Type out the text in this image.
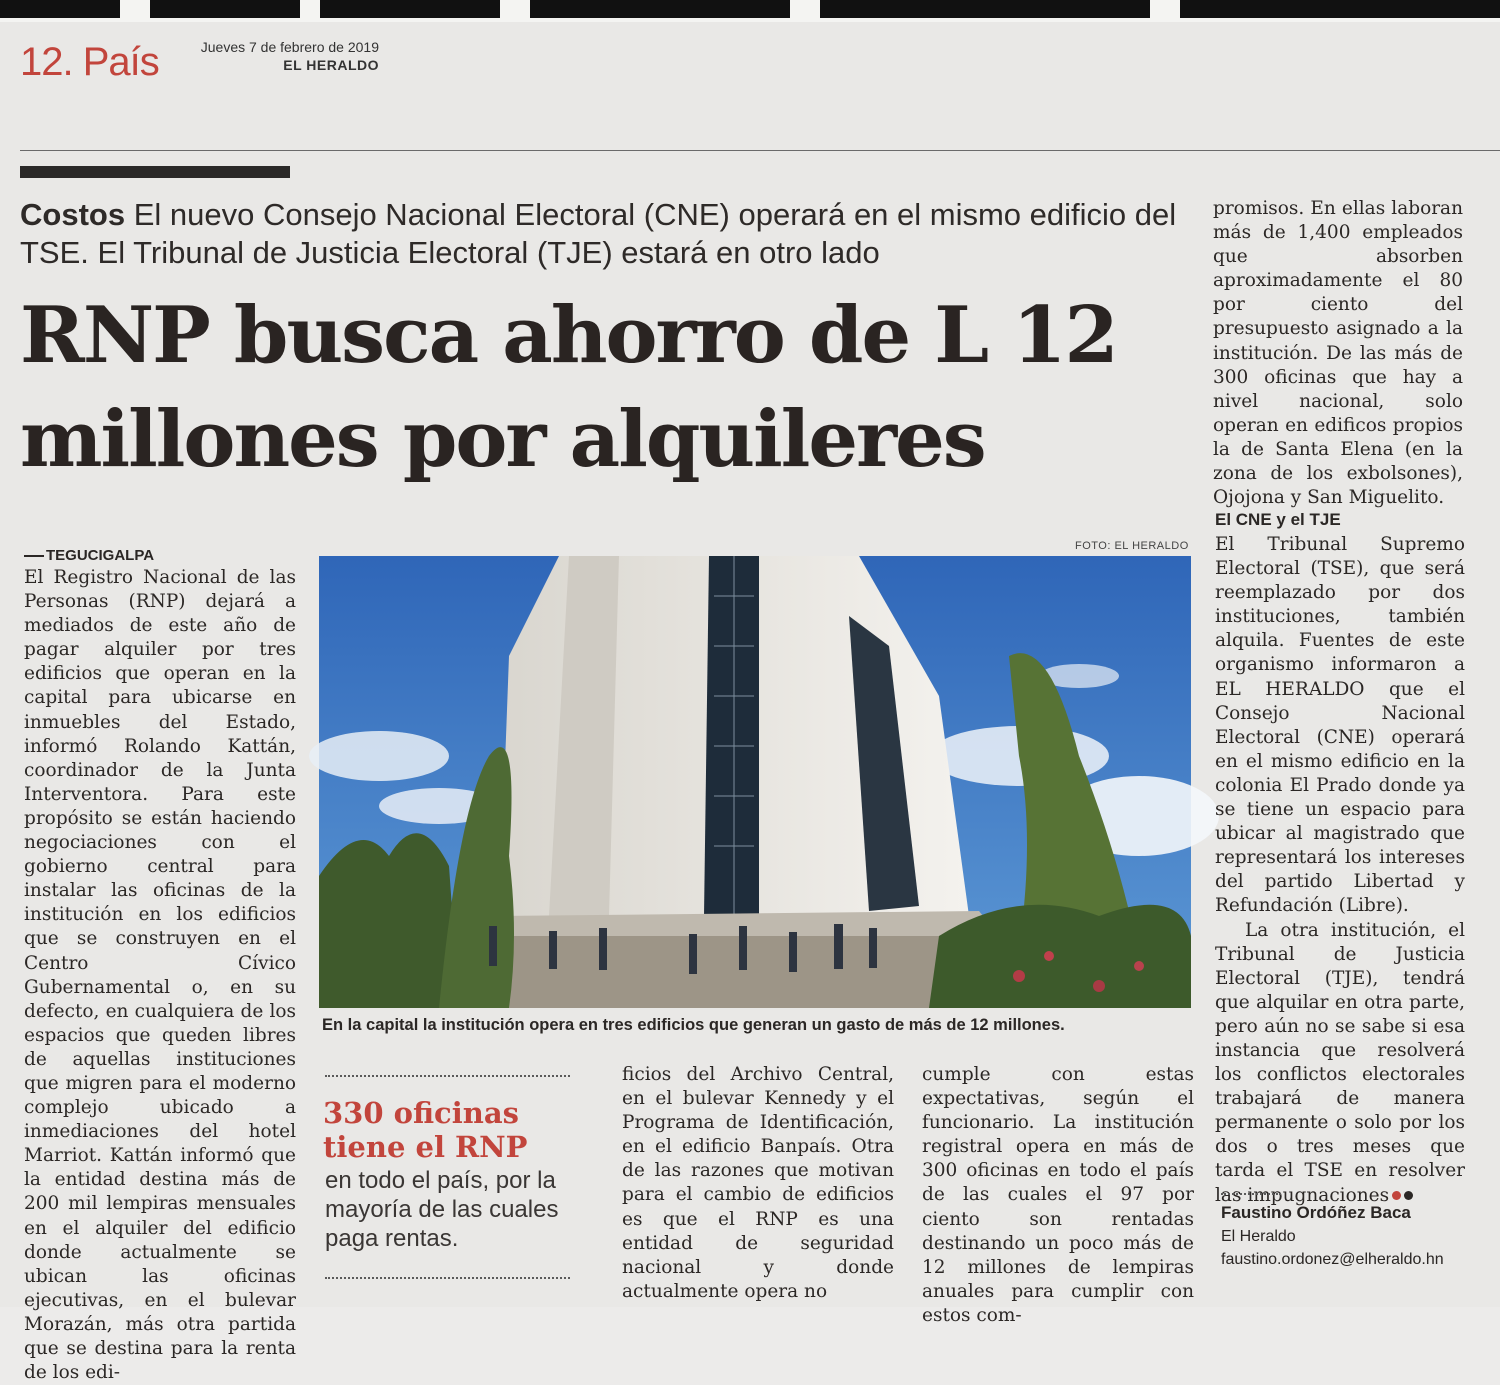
12. País	Jueves 7 de febrero de 2019
EL HERALDO
Costos El nuevo Consejo Nacional Electoral (CNE) operará en el mismo edificio del TSE. El Tribunal de Justicia Electoral (TJE) estará en otro lado
RNP busca ahorro de L 12 millones por alquileres
TEGUCIGALPA

El Registro Nacional de las Personas (RNP) dejará a mediados de este año de pagar alquiler por tres edificios que operan en la capital para ubicarse en inmuebles del Estado, informó Rolando Kattán, coordinador de la Junta Interventora. Para este propósito se están haciendo negociaciones con el gobierno central para instalar las oficinas de la institución en los edificios que se construyen en el Centro Cívico Gubernamental o, en su defecto, en cualquiera de los espacios que queden libres de aquellas instituciones que migren para el moderno complejo ubicado a inmediaciones del hotel Marriot. Kattán informó que la entidad destina más de 200 mil lempiras mensuales en el alquiler del edificio donde actualmente se ubican las oficinas ejecutivas, en el bulevar Morazán, más otra partida que se destina para la renta de los edi-

FOTO: EL HERALDO
En la capital la institución opera en tres edificios que generan un gasto de más de 12 millones.
330 oficinas tiene el RNP
en todo el país, por la mayoría de las cuales paga rentas.

ficios del Archivo Central, en el bulevar Kennedy y el Programa de Identificación, en el edificio Banpaís. Otra de las razones que motivan para el cambio de edificios es que el RNP es una entidad de seguridad nacional y donde actualmente opera no

cumple con estas expectativas, según el funcionario. La institución registral opera en más de 300 oficinas en todo el país de las cuales el 97 por ciento son rentadas destinando un poco más de 12 millones de lempiras anuales para cumplir con estos com-

promisos. En ellas laboran más de 1,400 empleados que absorben aproximadamente el 80 por ciento del presupuesto asignado a la institución. De las más de 300 oficinas que hay a nivel nacional, solo operan en edificos propios la de Santa Elena (en la zona de los exbolsones), Ojojona y San Miguelito.

El CNE y el TJE

El Tribunal Supremo Electoral (TSE), que será reemplazado por dos instituciones, también alquila. Fuentes de este organismo informaron a EL HERALDO que el Consejo Nacional Electoral (CNE) operará en el mismo edificio en la colonia El Prado donde ya se tiene un espacio para ubicar al magistrado que representará los intereses del partido Libertad y Refundación (Libre).

La otra institución, el Tribunal de Justicia Electoral (TJE), tendrá que alquilar en otra parte, pero aún no se sabe si esa instancia que resolverá los conflictos electorales trabajará de manera permanente o solo por los dos o tres meses que tarda el TSE en resolver las impugnaciones

Faustino Ordóñez Baca
El Heraldo
faustino.ordonez@elheraldo.hn
